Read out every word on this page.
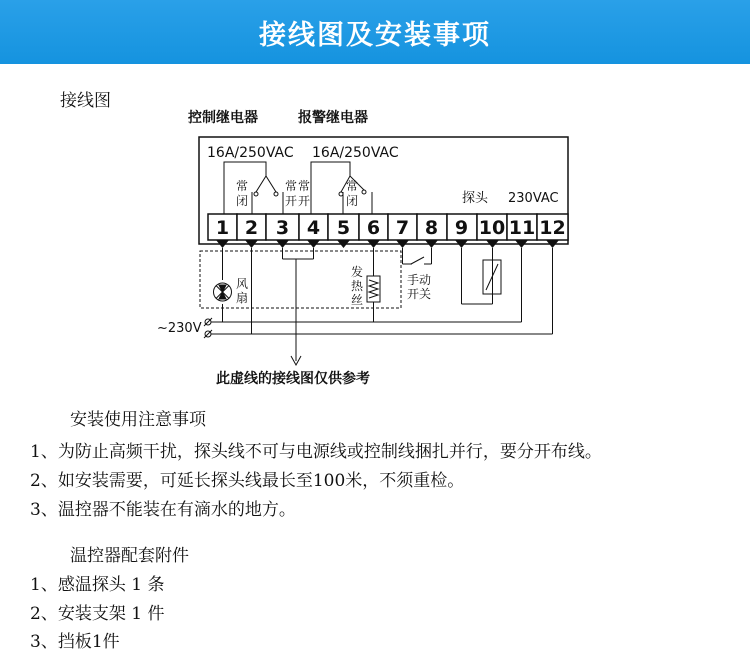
接线图及安装事项
接线图
控制继电器	报警继电器
16A/250VAC 16A/250VAC
常
闭
常
开
常
开
常
闭	探头 230VAC
1 2 3 4 5 6 7 8 9 10 11 12
风
扇
发
热
丝
手动
开关
~230V
此虚线的接线图仅供参考
安装使用注意事项
1、为防止高频干扰，探头线不可与电源线或控制线捆扎并行，要分开布线。
2、如安装需要，可延长探头线最长至100米，不须重检。
3、温控器不能装在有滴水的地方。
温控器配套附件
1、感温探头 1 条
2、安装支架 1 件
3、挡板1件
